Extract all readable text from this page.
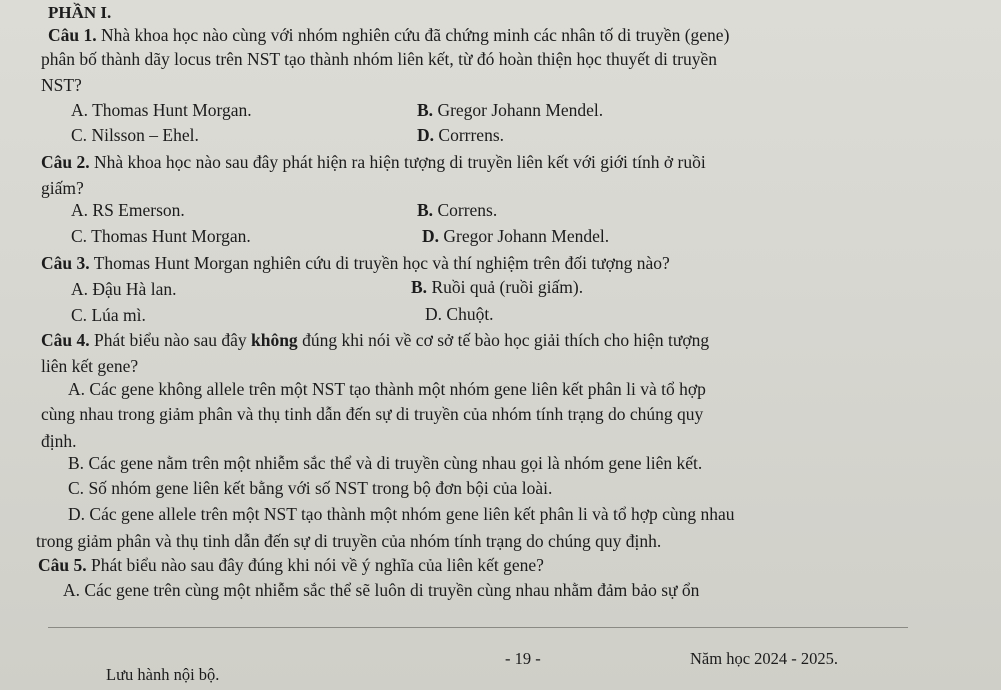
PHẦN I.
Câu 1. Nhà khoa học nào cùng với nhóm nghiên cứu đã chứng minh các nhân tố di truyền (gene)
phân bố thành dãy locus trên NST tạo thành nhóm liên kết, từ đó hoàn thiện học thuyết di truyền
NST?
A. Thomas Hunt Morgan.	B. Gregor Johann Mendel.
C. Nilsson – Ehel.	D. Corrrens.
Câu 2. Nhà khoa học nào sau đây phát hiện ra hiện tượng di truyền liên kết với giới tính ở ruồi
giấm?
A. RS Emerson.	B. Correns.
C. Thomas Hunt Morgan.	D. Gregor Johann Mendel.
Câu 3. Thomas Hunt Morgan nghiên cứu di truyền học và thí nghiệm trên đối tượng nào?
A. Đậu Hà lan.	B. Ruồi quả (ruồi giấm).
C. Lúa mì.	D. Chuột.
Câu 4. Phát biểu nào sau đây không đúng khi nói về cơ sở tế bào học giải thích cho hiện tượng
liên kết gene?
A. Các gene không allele trên một NST tạo thành một nhóm gene liên kết phân li và tổ hợp
cùng nhau trong giảm phân và thụ tinh dẫn đến sự di truyền của nhóm tính trạng do chúng quy
định.
B. Các gene nằm trên một nhiễm sắc thể và di truyền cùng nhau gọi là nhóm gene liên kết.
C. Số nhóm gene liên kết bằng với số NST trong bộ đơn bội của loài.
D. Các gene allele trên một NST tạo thành một nhóm gene liên kết phân li và tổ hợp cùng nhau
trong giảm phân và thụ tinh dẫn đến sự di truyền của nhóm tính trạng do chúng quy định.
Câu 5. Phát biểu nào sau đây đúng khi nói về ý nghĩa của liên kết gene?
A. Các gene trên cùng một nhiễm sắc thể sẽ luôn di truyền cùng nhau nhằm đảm bảo sự ổn
Lưu hành nội bộ.
- 19 -	Năm học 2024 - 2025.
